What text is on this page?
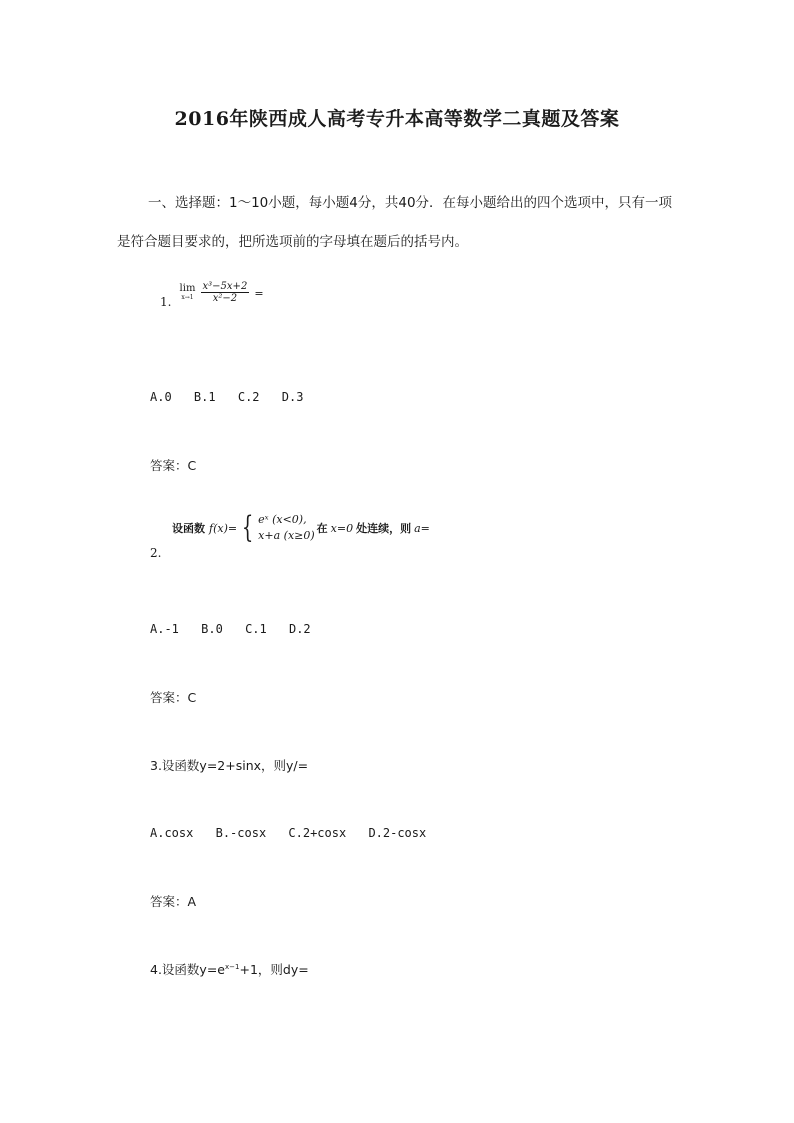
2016年陕西成人高考专升本高等数学二真题及答案
一、选择题：1～10小题，每小题4分，共40分．在每小题给出的四个选项中，只有一项是符合题目要求的，把所选项前的字母填在题后的括号内。
1.
lim
x→1
$\frac{\text{x³−5x+2}}{\text{x²−2}}$ =
A.0 B.1 C.2 D.3
答案：C
设函数 f(x)= { eˣ (x<0),
x+a (x≥0)
在 x=0 处连续，则 a=
2.
A.-1 B.0 C.1 D.2
答案：C
3.设函数y=2+sinx，则y/=
A.cosx B.-cosx C.2+cosx D.2-cosx
答案：A
4.设函数$y=e^{x-1}+1$，则dy=
